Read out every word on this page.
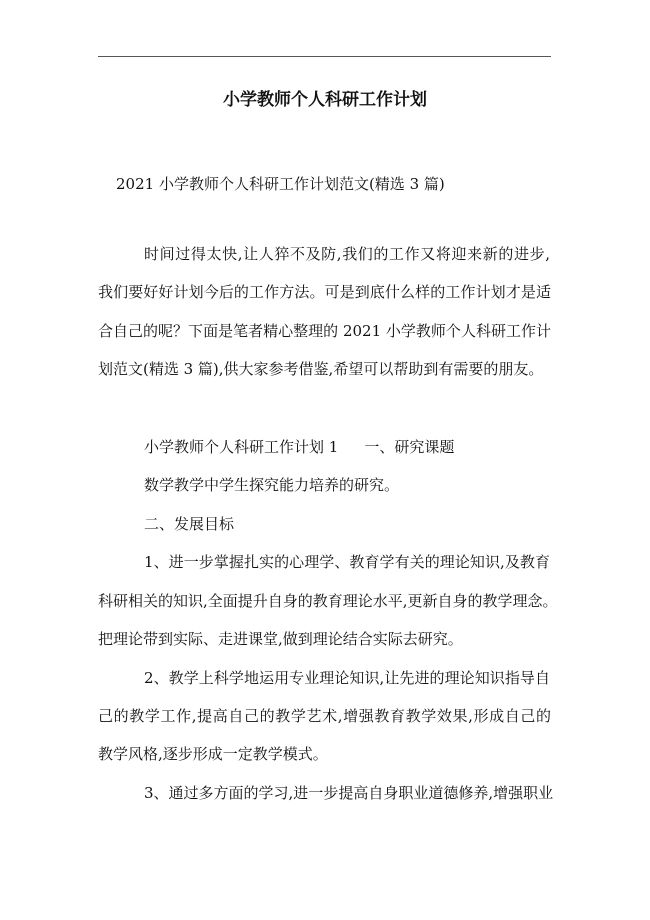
小学教师个人科研工作计划
2021 小学教师个人科研工作计划范文(精选 3 篇)
时间过得太快,让人猝不及防,我们的工作又将迎来新的进步,
我们要好好计划今后的工作方法。可是到底什么样的工作计划才是适
合自己的呢？下面是笔者精心整理的 2021 小学教师个人科研工作计
划范文(精选 3 篇),供大家参考借鉴,希望可以帮助到有需要的朋友。
小学教师个人科研工作计划 1 一、研究课题
数学教学中学生探究能力培养的研究。
二、发展目标
1、进一步掌握扎实的心理学、教育学有关的理论知识,及教育
科研相关的知识,全面提升自身的教育理论水平,更新自身的教学理念。
把理论带到实际、走进课堂,做到理论结合实际去研究。
2、教学上科学地运用专业理论知识,让先进的理论知识指导自
己的教学工作,提高自己的教学艺术,增强教育教学效果,形成自己的
教学风格,逐步形成一定教学模式。
3、通过多方面的学习,进一步提高自身职业道德修养,增强职业
